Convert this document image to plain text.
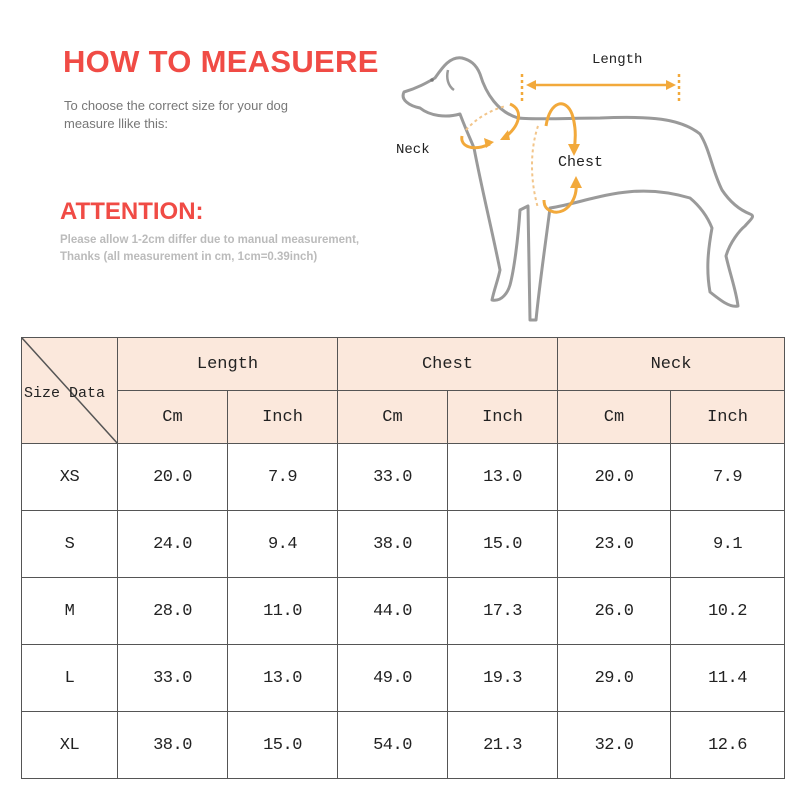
HOW TO MEASUERE
To choose the correct size for your dog
measure llike this:
ATTENTION:
Please allow 1-2cm differ due to manual measurement,
Thanks (all measurement in cm, 1cm=0.39inch)
Length
Neck
Chest
Size Data	Length		Chest		Neck	
	Cm	Inch	Cm	Inch	Cm	Inch
XS	20.0	7.9	33.0	13.0	20.0	7.9
S	24.0	9.4	38.0	15.0	23.0	9.1
M	28.0	11.0	44.0	17.3	26.0	10.2
L	33.0	13.0	49.0	19.3	29.0	11.4
XL	38.0	15.0	54.0	21.3	32.0	12.6
